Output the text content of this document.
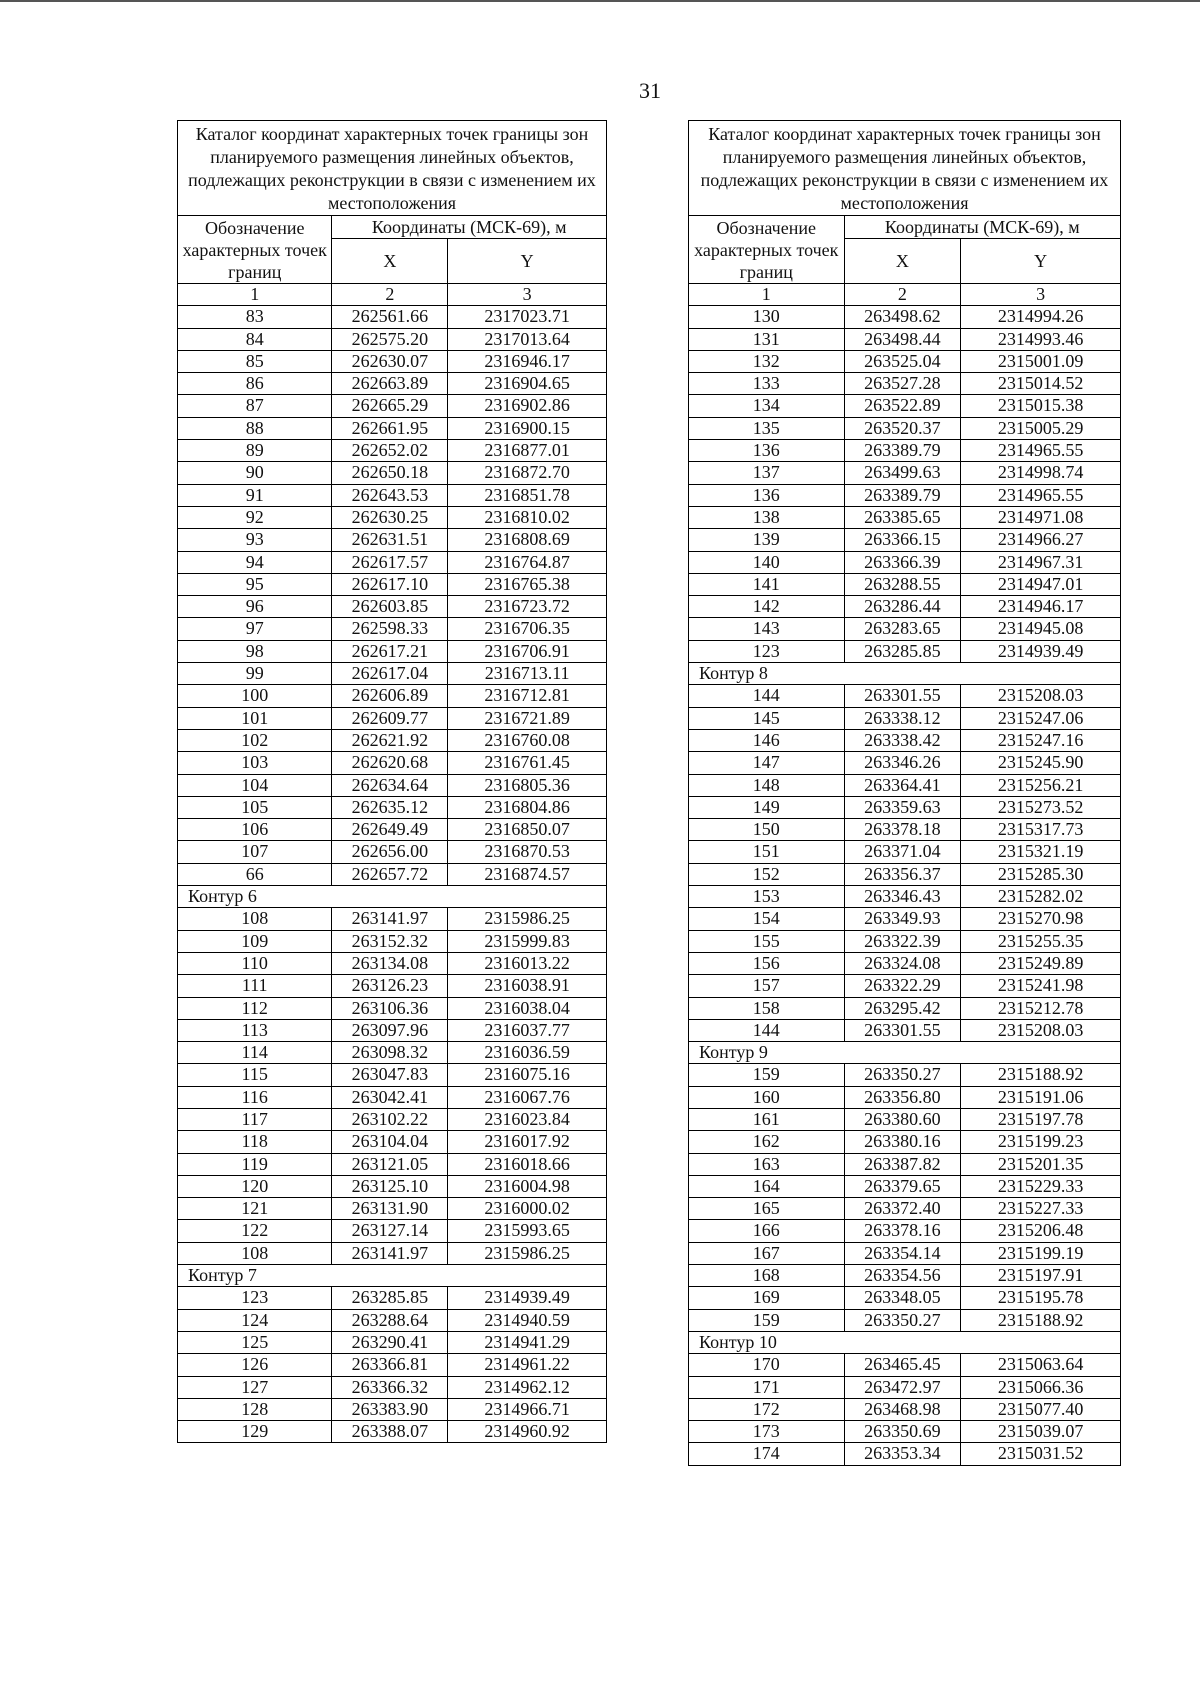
31
Каталог координат характерных точек границы зон планируемого размещения линейных объектов, подлежащих реконструкции в связи с изменением их местоположения		
Обозначение характерных точек границ	Координаты (МСК-69), м	
	X	Y
1	2	3
83	262561.66	2317023.71
84	262575.20	2317013.64
85	262630.07	2316946.17
86	262663.89	2316904.65
87	262665.29	2316902.86
88	262661.95	2316900.15
89	262652.02	2316877.01
90	262650.18	2316872.70
91	262643.53	2316851.78
92	262630.25	2316810.02
93	262631.51	2316808.69
94	262617.57	2316764.87
95	262617.10	2316765.38
96	262603.85	2316723.72
97	262598.33	2316706.35
98	262617.21	2316706.91
99	262617.04	2316713.11
100	262606.89	2316712.81
101	262609.77	2316721.89
102	262621.92	2316760.08
103	262620.68	2316761.45
104	262634.64	2316805.36
105	262635.12	2316804.86
106	262649.49	2316850.07
107	262656.00	2316870.53
66	262657.72	2316874.57
Контур 6		
108	263141.97	2315986.25
109	263152.32	2315999.83
110	263134.08	2316013.22
111	263126.23	2316038.91
112	263106.36	2316038.04
113	263097.96	2316037.77
114	263098.32	2316036.59
115	263047.83	2316075.16
116	263042.41	2316067.76
117	263102.22	2316023.84
118	263104.04	2316017.92
119	263121.05	2316018.66
120	263125.10	2316004.98
121	263131.90	2316000.02
122	263127.14	2315993.65
108	263141.97	2315986.25
Контур 7		
123	263285.85	2314939.49
124	263288.64	2314940.59
125	263290.41	2314941.29
126	263366.81	2314961.22
127	263366.32	2314962.12
128	263383.90	2314966.71
129	263388.07	2314960.92
Каталог координат характерных точек границы зон планируемого размещения линейных объектов, подлежащих реконструкции в связи с изменением их местоположения		
Обозначение характерных точек границ	Координаты (МСК-69), м	
	X	Y
1	2	3
130	263498.62	2314994.26
131	263498.44	2314993.46
132	263525.04	2315001.09
133	263527.28	2315014.52
134	263522.89	2315015.38
135	263520.37	2315005.29
136	263389.79	2314965.55
137	263499.63	2314998.74
136	263389.79	2314965.55
138	263385.65	2314971.08
139	263366.15	2314966.27
140	263366.39	2314967.31
141	263288.55	2314947.01
142	263286.44	2314946.17
143	263283.65	2314945.08
123	263285.85	2314939.49
Контур 8		
144	263301.55	2315208.03
145	263338.12	2315247.06
146	263338.42	2315247.16
147	263346.26	2315245.90
148	263364.41	2315256.21
149	263359.63	2315273.52
150	263378.18	2315317.73
151	263371.04	2315321.19
152	263356.37	2315285.30
153	263346.43	2315282.02
154	263349.93	2315270.98
155	263322.39	2315255.35
156	263324.08	2315249.89
157	263322.29	2315241.98
158	263295.42	2315212.78
144	263301.55	2315208.03
Контур 9		
159	263350.27	2315188.92
160	263356.80	2315191.06
161	263380.60	2315197.78
162	263380.16	2315199.23
163	263387.82	2315201.35
164	263379.65	2315229.33
165	263372.40	2315227.33
166	263378.16	2315206.48
167	263354.14	2315199.19
168	263354.56	2315197.91
169	263348.05	2315195.78
159	263350.27	2315188.92
Контур 10		
170	263465.45	2315063.64
171	263472.97	2315066.36
172	263468.98	2315077.40
173	263350.69	2315039.07
174	263353.34	2315031.52
